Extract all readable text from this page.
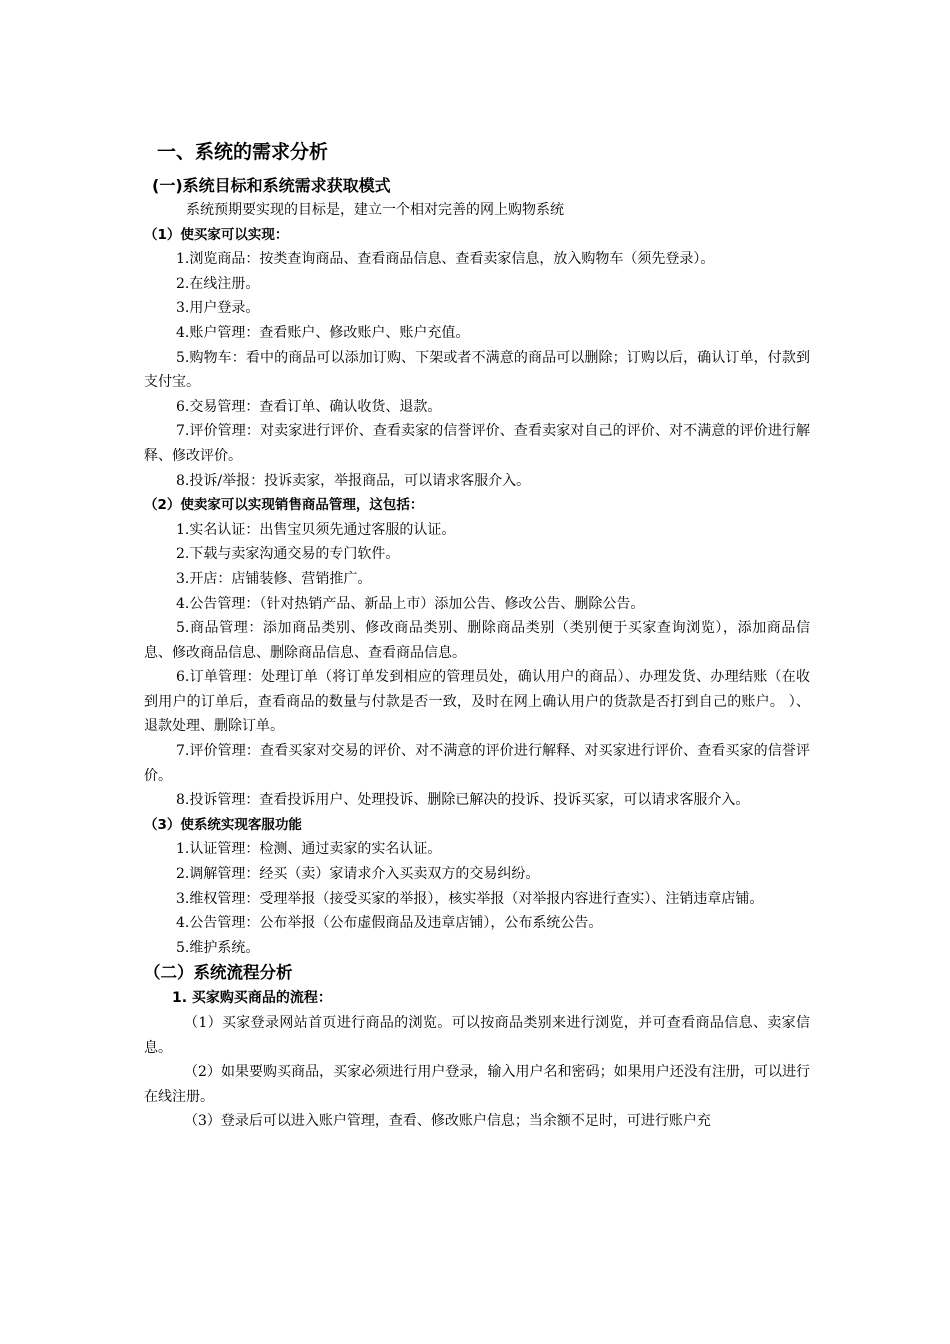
一、系统的需求分析
(一)系统目标和系统需求获取模式
系统预期要实现的目标是，建立一个相对完善的网上购物系统
（1）使买家可以实现：
1.浏览商品：按类查询商品、查看商品信息、查看卖家信息，放入购物车（须先登录）。
2.在线注册。
3.用户登录。
4.账户管理：查看账户、修改账户、账户充值。
5.购物车：看中的商品可以添加订购、下架或者不满意的商品可以删除；订购以后，确认订单，付款到支付宝。
6.交易管理：查看订单、确认收货、退款。
7.评价管理：对卖家进行评价、查看卖家的信誉评价、查看卖家对自己的评价、对不满意的评价进行解释、修改评价。
8.投诉/举报：投诉卖家，举报商品，可以请求客服介入。
（2）使卖家可以实现销售商品管理，这包括：
1.实名认证：出售宝贝须先通过客服的认证。
2.下载与卖家沟通交易的专门软件。
3.开店：店铺装修、营销推广。
4.公告管理：（针对热销产品、新品上市）添加公告、修改公告、删除公告。
5.商品管理：添加商品类别、修改商品类别、删除商品类别（类别便于买家查询浏览），添加商品信息、修改商品信息、删除商品信息、查看商品信息。
6.订单管理：处理订单（将订单发到相应的管理员处，确认用户的商品）、办理发货、办理结账（在收到用户的订单后，查看商品的数量与付款是否一致，及时在网上确认用户的货款是否打到自己的账户。 ）、退款处理、删除订单。
7.评价管理：查看买家对交易的评价、对不满意的评价进行解释、对买家进行评价、查看买家的信誉评价。
8.投诉管理：查看投诉用户、处理投诉、删除已解决的投诉、投诉买家，可以请求客服介入。
（3）使系统实现客服功能
1.认证管理：检测、通过卖家的实名认证。
2.调解管理：经买（卖）家请求介入买卖双方的交易纠纷。
3.维权管理：受理举报（接受买家的举报），核实举报（对举报内容进行查实）、注销违章店铺。
4.公告管理：公布举报（公布虚假商品及违章店铺），公布系统公告。
5.维护系统。
（二）系统流程分析
1. 买家购买商品的流程：
（1）买家登录网站首页进行商品的浏览。可以按商品类别来进行浏览，并可查看商品信息、卖家信息。
（2）如果要购买商品，买家必须进行用户登录，输入用户名和密码；如果用户还没有注册，可以进行在线注册。
（3）登录后可以进入账户管理，查看、修改账户信息；当余额不足时，可进行账户充
